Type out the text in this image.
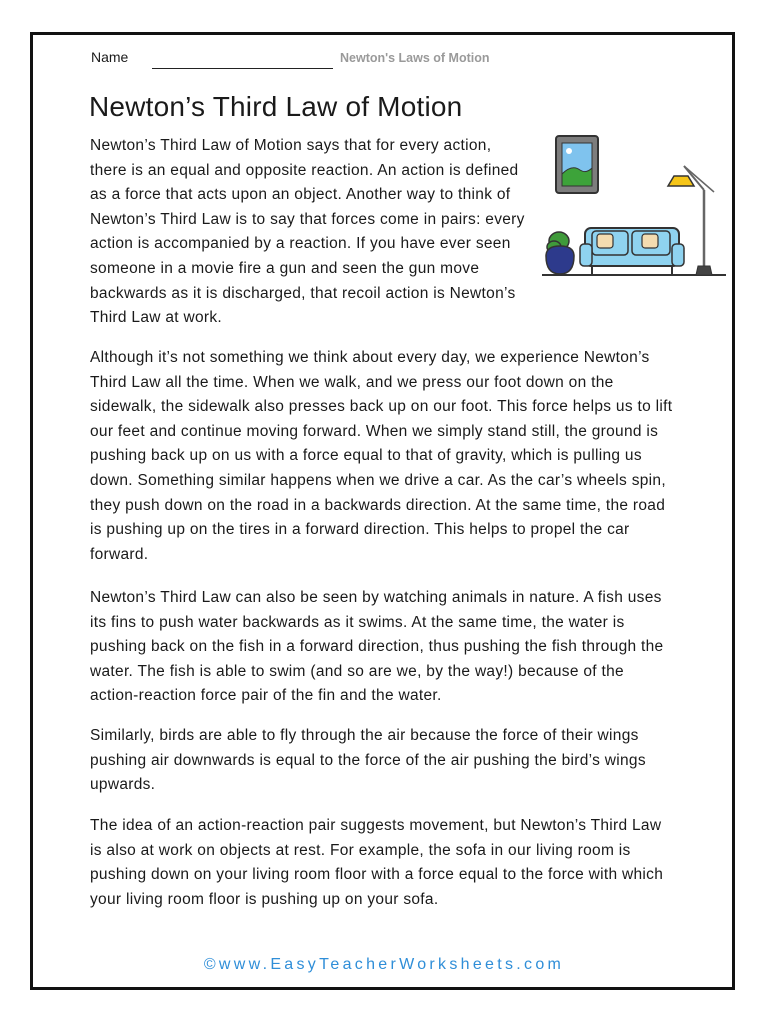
Name	Newton's Laws of Motion
Newton’s Third Law of Motion

Newton’s Third Law of Motion says that for every action, there is an equal and opposite reaction. An action is defined as a force that acts upon an object. Another way to think of Newton’s Third Law is to say that forces come in pairs: every action is accompanied by a reaction. If you have ever seen someone in a movie fire a gun and seen the gun move backwards as it is discharged, that recoil action is Newton’s Third Law at work.

Although it’s not something we think about every day, we experience Newton’s Third Law all the time. When we walk, and we press our foot down on the sidewalk, the sidewalk also presses back up on our foot. This force helps us to lift our feet and continue moving forward. When we simply stand still, the ground is pushing back up on us with a force equal to that of gravity, which is pulling us down. Something similar happens when we drive a car. As the car’s wheels spin, they push down on the road in a backwards direction. At the same time, the road is pushing up on the tires in a forward direction. This helps to propel the car forward.

Newton’s Third Law can also be seen by watching animals in nature. A fish uses its fins to push water backwards as it swims. At the same time, the water is pushing back on the fish in a forward direction, thus pushing the fish through the water. The fish is able to swim (and so are we, by the way!) because of the action-reaction force pair of the fin and the water.

Similarly, birds are able to fly through the air because the force of their wings pushing air downwards is equal to the force of the air pushing the bird’s wings upwards.

The idea of an action-reaction pair suggests movement, but Newton’s Third Law is also at work on objects at rest. For example, the sofa in our living room is pushing down on your living room floor with a force equal to the force with which your living room floor is pushing up on your sofa.

©www.EasyTeacherWorksheets.com
